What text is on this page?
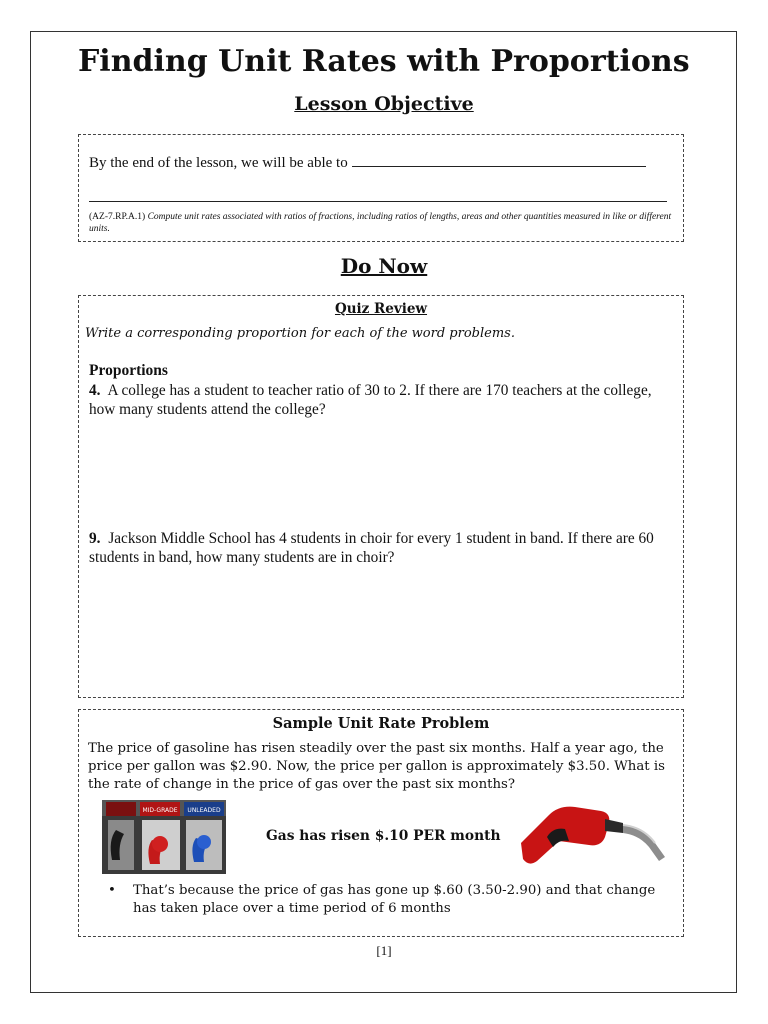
Finding Unit Rates with Proportions
Lesson Objective
By the end of the lesson, we will be able to
(AZ-7.RP.A.1) Compute unit rates associated with ratios of fractions, including ratios of lengths, areas and other quantities measured in like or different units.
Do Now
Quiz Review
Write a corresponding proportion for each of the word problems.
Proportions
4. A college has a student to teacher ratio of 30 to 2. If there are 170 teachers at the college, how many students attend the college?
9. Jackson Middle School has 4 students in choir for every 1 student in band. If there are 60 students in band, how many students are in choir?
Sample Unit Rate Problem
The price of gasoline has risen steadily over the past six months. Half a year ago, the price per gallon was $2.90. Now, the price per gallon is approximately $3.50. What is the rate of change in the price of gas over the past six months?
MID-GRADE UNLEADED
Gas has risen $.10 PER month
• That’s because the price of gas has gone up $.60 (3.50-2.90) and that change has taken place over a time period of 6 months
[1]
